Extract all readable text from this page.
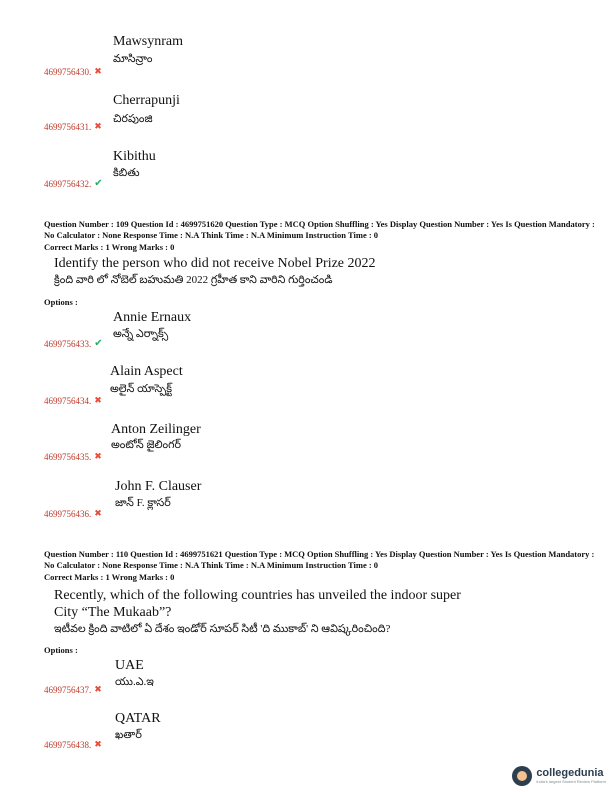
Mawsynram
మాసిన్రాం
4699756430. ✖
Cherrapunji
చిరపుంజి
4699756431. ✖
Kibithu
కిబితు
4699756432. ✔
Question Number : 109 Question Id : 4699751620 Question Type : MCQ Option Shuffling : Yes Display Question Number : Yes Is Question Mandatory : No Calculator : None Response Time : N.A Think Time : N.A Minimum Instruction Time : 0
Correct Marks : 1 Wrong Marks : 0
Identify the person who did not receive Nobel Prize 2022
క్రింది వారి లో నోబెల్ బహుమతి 2022 గ్రహీత కాని వారిని గుర్తించండి
Options :
Annie Ernaux
అన్నే ఎర్నాక్స్
4699756433. ✔
Alain Aspect
అలైన్ యాస్పెక్ట్
4699756434. ✖
Anton Zeilinger
అంటోన్ జైలింగర్
4699756435. ✖
John F. Clauser
జాన్ F. క్లాసర్
4699756436. ✖
Question Number : 110 Question Id : 4699751621 Question Type : MCQ Option Shuffling : Yes Display Question Number : Yes Is Question Mandatory : No Calculator : None Response Time : N.A Think Time : N.A Minimum Instruction Time : 0
Correct Marks : 1 Wrong Marks : 0
Recently, which of the following countries has unveiled the indoor super
City “The Mukaab”?
ఇటీవల క్రింది వాటిలో ఏ దేశం ఇండోర్ సూపర్ సిటీ 'ది ముకాబ్' ని ఆవిష్కరించింది?
Options :
UAE
యు.ఎ.ఇ
4699756437. ✖
QATAR
ఖతార్
4699756438. ✖
collegedunia
India's largest Student Review Platform
